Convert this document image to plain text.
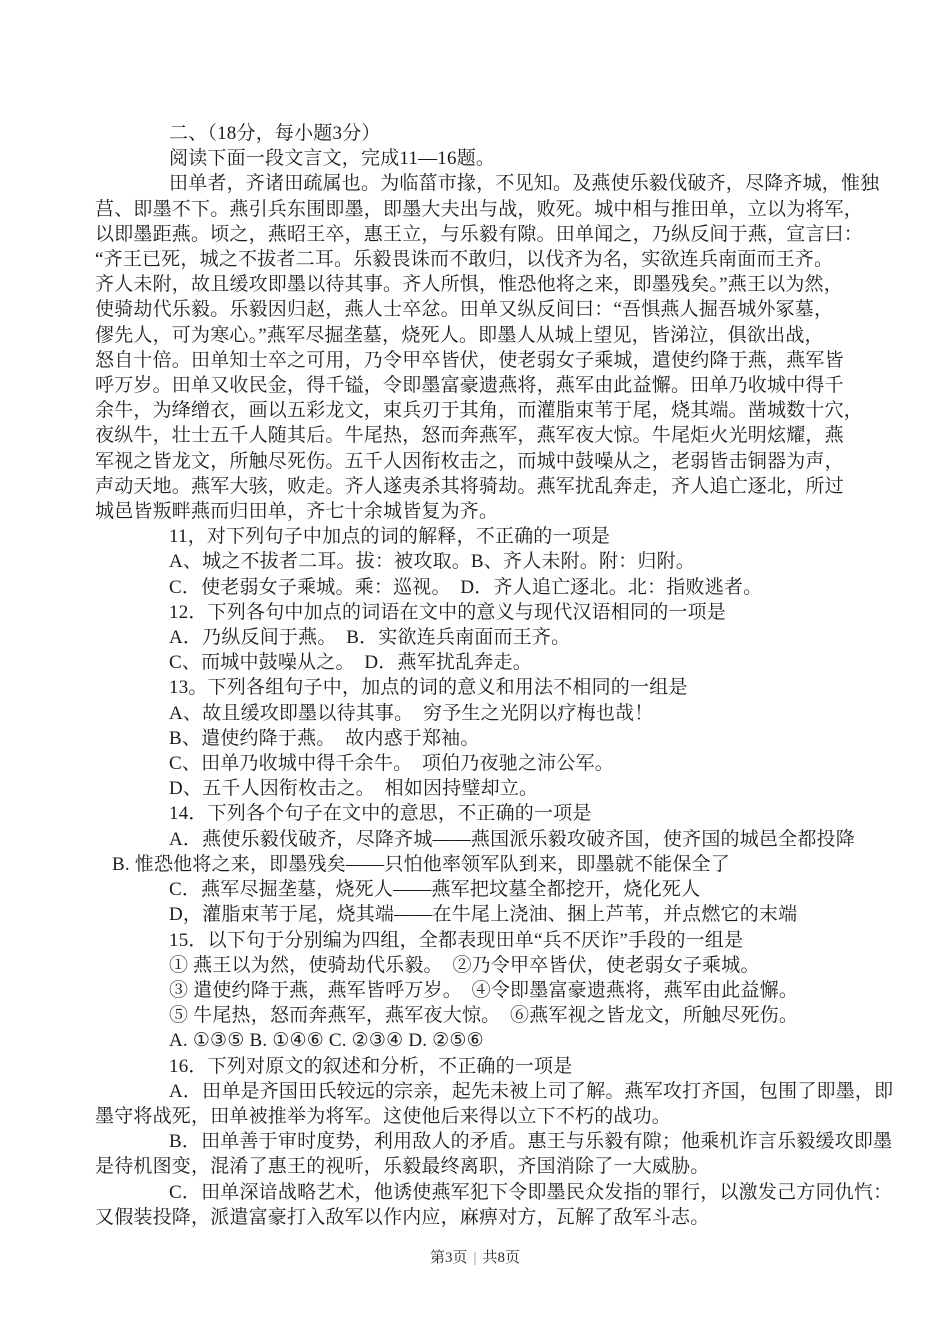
二、（18分，每小题3分）
阅读下面一段文言文，完成11—16题。
田单者，齐诸田疏属也。为临菑市掾，不见知。及燕使乐毅伐破齐，尽降齐城，惟独
莒、即墨不下。燕引兵东围即墨，即墨大夫出与战，败死。城中相与推田单，立以为将军，
以即墨距燕。顷之，燕昭王卒，惠王立，与乐毅有隙。田单闻之，乃纵反间于燕，宣言曰：
“齐王已死，城之不拔者二耳。乐毅畏诛而不敢归，以伐齐为名，实欲连兵南面而王齐。
齐人未附，故且缓攻即墨以待其事。齐人所惧，惟恐他将之来，即墨残矣。”燕王以为然，
使骑劫代乐毅。乐毅因归赵，燕人士卒忿。田单又纵反间曰：“吾惧燕人掘吾城外冢墓，
僇先人，可为寒心。”燕军尽掘垄墓，烧死人。即墨人从城上望见，皆涕泣，俱欲出战，
怒自十倍。田单知士卒之可用，乃令甲卒皆伏，使老弱女子乘城，遣使约降于燕，燕军皆
呼万岁。田单又收民金，得千镒，令即墨富豪遗燕将，燕军由此益懈。田单乃收城中得千
余牛，为绛缯衣，画以五彩龙文，束兵刃于其角，而灌脂束苇于尾，烧其端。凿城数十穴，
夜纵牛，壮士五千人随其后。牛尾热，怒而奔燕军，燕军夜大惊。牛尾炬火光明炫耀，燕
军视之皆龙文，所触尽死伤。五千人因衔枚击之，而城中鼓噪从之，老弱皆击铜器为声，
声动天地。燕军大骇，败走。齐人遂夷杀其将骑劫。燕军扰乱奔走，齐人追亡逐北，所过
城邑皆叛畔燕而归田单，齐七十余城皆复为齐。
11，对下列句子中加点的词的解释，不正确的一项是
A、城之不拔者二耳。拔：被攻取。B、齐人未附。附：归附。
C．使老弱女子乘城。乘：巡视。　D．齐人追亡逐北。北：指败逃者。
12．下列各句中加点的词语在文中的意义与现代汉语相同的一项是
A．乃纵反间于燕。　B．实欲连兵南面而王齐。
C、而城中鼓噪从之。　D．燕军扰乱奔走。
13。下列各组句子中，加点的词的意义和用法不相同的一组是
A、故且缓攻即墨以待其事。　穷予生之光阴以疗梅也哉！
B、遣使约降于燕。　故内惑于郑袖。
C、田单乃收城中得千余牛。　项伯乃夜驰之沛公军。
D、五千人因衔枚击之。　相如因持璧却立。
14．下列各个句子在文中的意思，不正确的一项是
A．燕使乐毅伐破齐，尽降齐城——燕国派乐毅攻破齐国，使齐国的城邑全都投降
B. 惟恐他将之来，即墨残矣——只怕他率领军队到来，即墨就不能保全了
C．燕军尽掘垄墓，烧死人——燕军把坟墓全都挖开，烧化死人
D，灌脂束苇于尾，烧其端——在牛尾上浇油、捆上芦苇，并点燃它的末端
15．以下句于分别编为四组，全都表现田单“兵不厌诈”手段的一组是
① 燕王以为然，使骑劫代乐毅。　②乃令甲卒皆伏，使老弱女子乘城。
③ 遣使约降于燕，燕军皆呼万岁。　④令即墨富豪遗燕将，燕军由此益懈。
⑤ 牛尾热，怒而奔燕军，燕军夜大惊。　⑥燕军视之皆龙文，所触尽死伤。
A. ①③⑤ B. ①④⑥ C. ②③④ D. ②⑤⑥
16．下列对原文的叙述和分析，不正确的一项是
A．田单是齐国田氏较远的宗亲，起先未被上司了解。燕军攻打齐国，包围了即墨，即
墨守将战死，田单被推举为将军。这使他后来得以立下不朽的战功。
B．田单善于审时度势，利用敌人的矛盾。惠王与乐毅有隙；他乘机诈言乐毅缓攻即墨
是待机图变，混淆了惠王的视听，乐毅最终离职，齐国消除了一大威胁。
C．田单深谙战略艺术，他诱使燕军犯下令即墨民众发指的罪行，以激发己方同仇忾：
又假装投降，派遣富豪打入敌军以作内应，麻痹对方，瓦解了敌军斗志。
第3页 | 共8页
